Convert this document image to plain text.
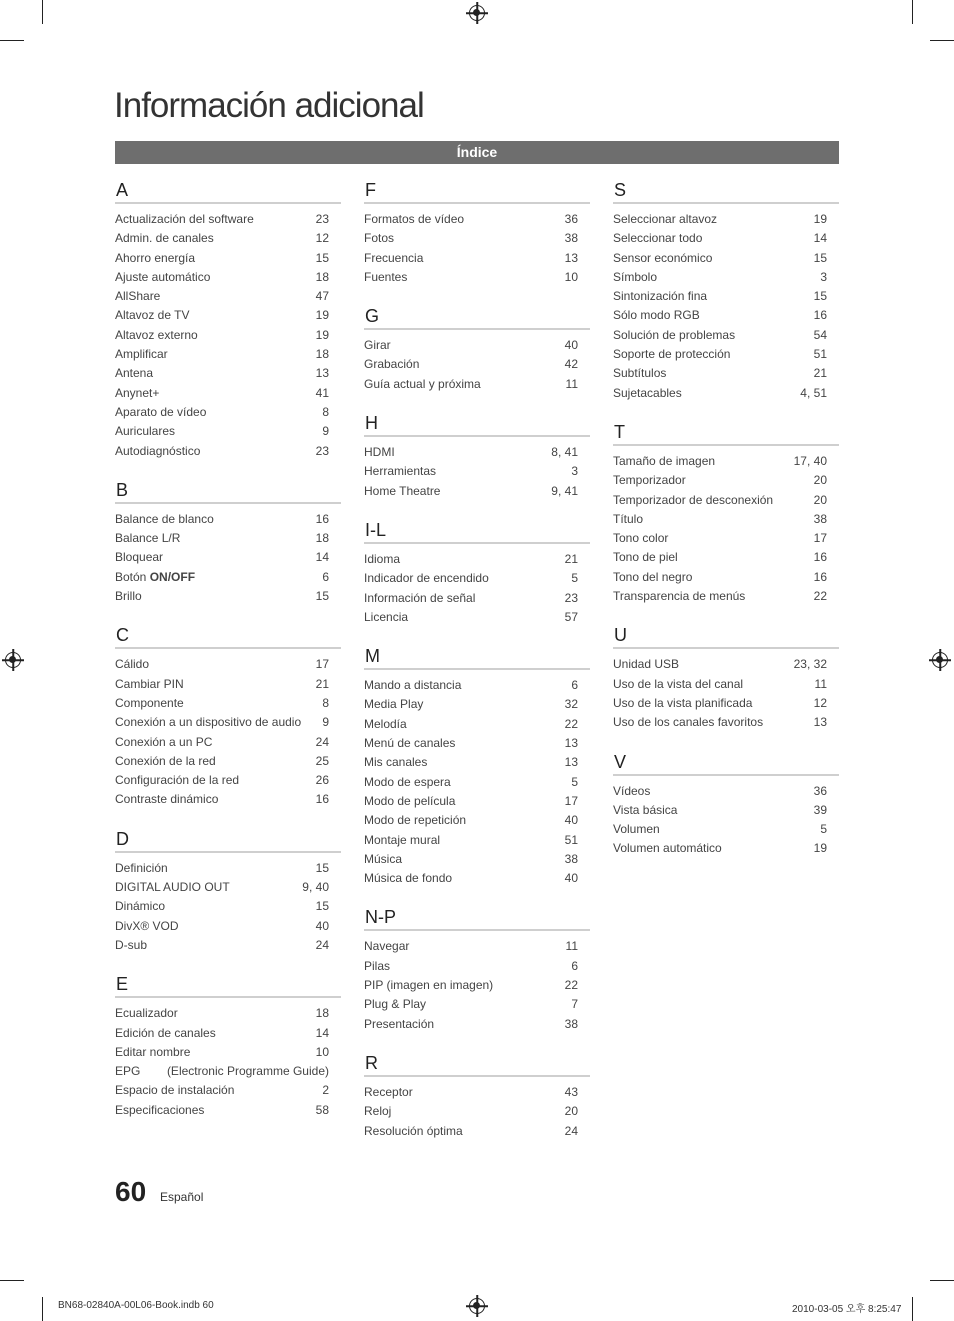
Información adicional
Índice
A
Actualización del software	23
Admin. de canales	12
Ahorro energía	15
Ajuste automático	18
AllShare	47
Altavoz de TV	19
Altavoz externo	19
Amplificar	18
Antena	13
Anynet+	41
Aparato de vídeo	8
Auriculares	9
Autodiagnóstico	23
B
Balance de blanco	16
Balance L/R	18
Bloquear	14
Botón ON/OFF	6
Brillo	15
C
Cálido	17
Cambiar PIN	21
Componente	8
Conexión a un dispositivo de audio 9
Conexión a un PC	24
Conexión de la red	25
Configuración de la red	26
Contraste dinámico	16
D
Definición	15
DIGITAL AUDIO OUT	9, 40
Dinámico	15
DivX® VOD	40
D-sub	24
E
Ecualizador	18
Edición de canales	14
Editar nombre	10
EPG (Electronic Programme Guide)
Espacio de instalación	2
Especificaciones	58
F
Formatos de vídeo	36
Fotos	38
Frecuencia	13
Fuentes	10
G
Girar	40
Grabación	42
Guía actual y próxima	11
H
HDMI	8, 41
Herramientas	3
Home Theatre	9, 41
I-L
Idioma	21
Indicador de encendido	5
Información de señal	23
Licencia	57
M
Mando a distancia	6
Media Play	32
Melodía	22
Menú de canales	13
Mis canales	13
Modo de espera	5
Modo de película	17
Modo de repetición	40
Montaje mural	51
Música	38
Música de fondo	40
N-P
Navegar	11
Pilas	6
PIP (imagen en imagen)	22
Plug & Play	7
Presentación	38
R
Receptor	43
Reloj	20
Resolución óptima	24
S
Seleccionar altavoz	19
Seleccionar todo	14
Sensor económico	15
Símbolo	3
Sintonización fina	15
Sólo modo RGB	16
Solución de problemas	54
Soporte de protección	51
Subtítulos	21
Sujetacables	4, 51
T
Tamaño de imagen	17, 40
Temporizador	20
Temporizador de desconexión	20
Título	38
Tono color	17
Tono de piel	16
Tono del negro	16
Transparencia de menús	22
U
Unidad USB	23, 32
Uso de la vista del canal	11
Uso de la vista planificada	12
Uso de los canales favoritos	13
V
Vídeos	36
Vista básica	39
Volumen	5
Volumen automático	19
60 Español
BN68-02840A-00L06-Book.indb 60	2010-03-05 오후 8:25:47
